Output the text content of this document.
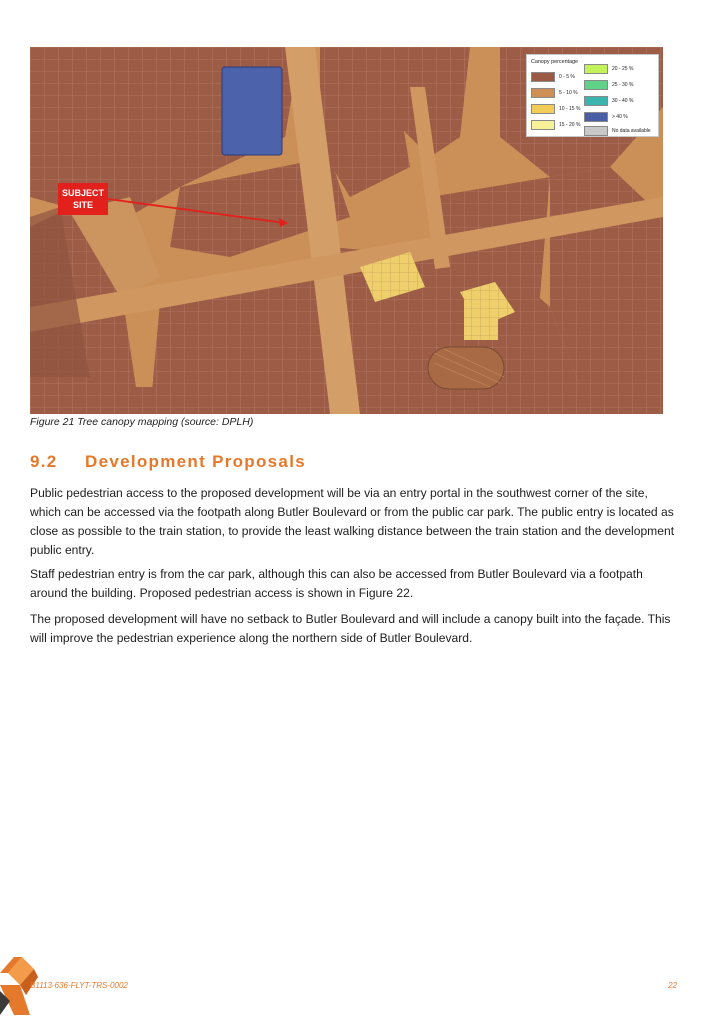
Canopy percentage
0 - 5 %
5 - 10 %
10 - 15 %
15 - 20 %
20 - 25 %
25 - 30 %
30 - 40 %
> 40 %
No data available
SUBJECT
SITE
Figure 21 Tree canopy mapping (source: DPLH)
9.2 Development Proposals

Public pedestrian access to the proposed development will be via an entry portal in the southwest corner of the site, which can be accessed via the footpath along Butler Boulevard or from the public car park. The public entry is located as close as possible to the train station, to provide the least walking distance between the train station and the development public entry.

Staff pedestrian entry is from the car park, although this can also be accessed from Butler Boulevard via a footpath around the building. Proposed pedestrian access is shown in Figure 22.

The proposed development will have no setback to Butler Boulevard and will include a canopy built into the façade. This will improve the pedestrian experience along the northern side of Butler Boulevard.

B1113-636-FLYT-TRS-0002	22
